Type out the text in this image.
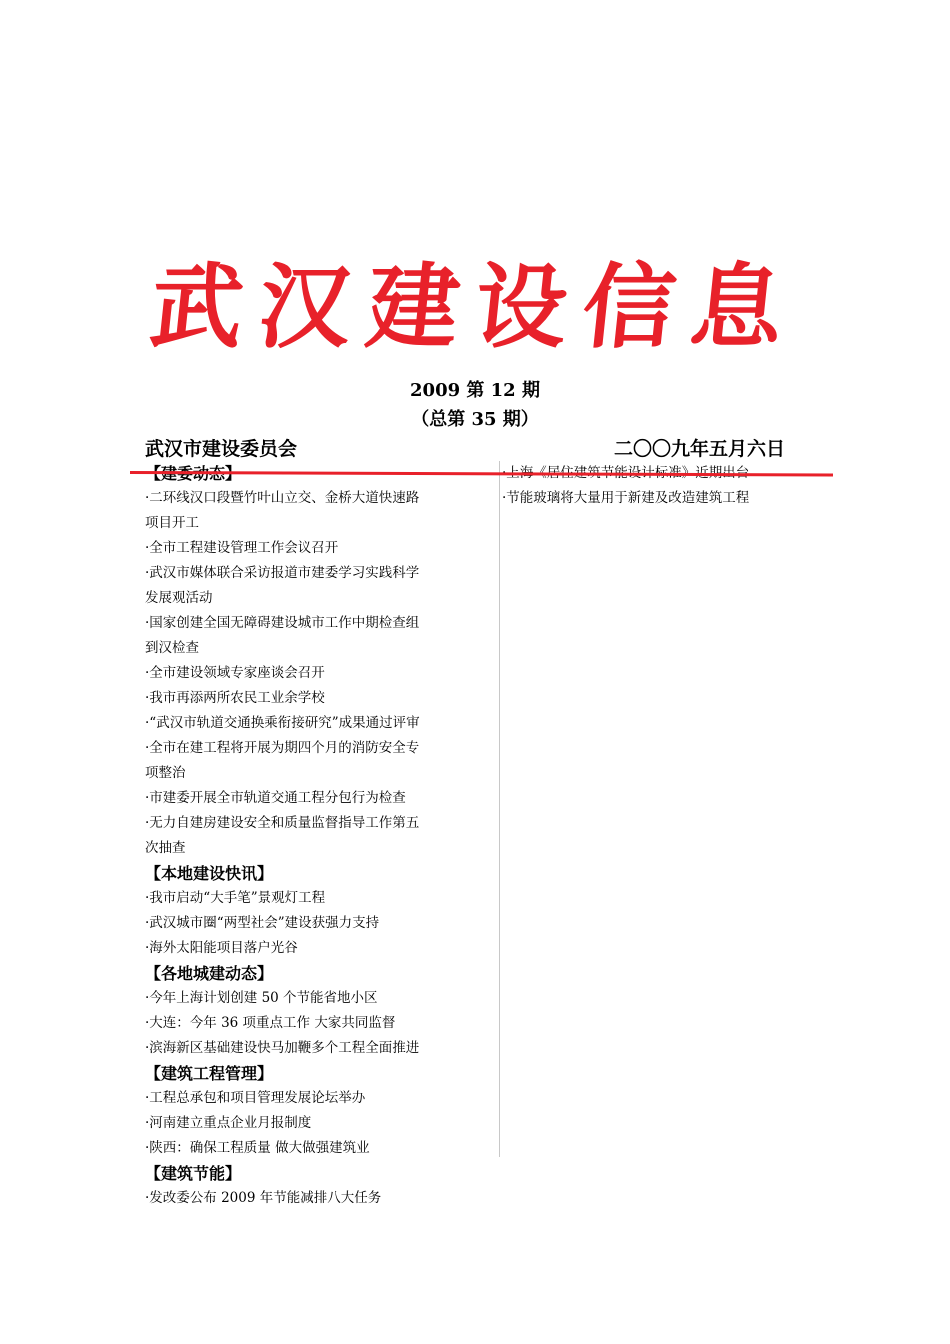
武汉建设信息
2009 第 12 期
（总第 35 期）
武汉市建设委员会	二〇〇九年五月六日
·二环线汉口段暨竹叶山立交、金桥大道快速路
项目开工
·全市工程建设管理工作会议召开
·武汉市媒体联合采访报道市建委学习实践科学
发展观活动
·国家创建全国无障碍建设城市工作中期检查组
到汉检查
·全市建设领域专家座谈会召开
·我市再添两所农民工业余学校
·“武汉市轨道交通换乘衔接研究”成果通过评审
·全市在建工程将开展为期四个月的消防安全专
项整治
·市建委开展全市轨道交通工程分包行为检查
·无力自建房建设安全和质量监督指导工作第五
次抽查
【本地建设快讯】
·我市启动“大手笔”景观灯工程
·武汉城市圈“两型社会”建设获强力支持
·海外太阳能项目落户光谷
【各地城建动态】
·今年上海计划创建 50 个节能省地小区
·大连：今年 36 项重点工作 大家共同监督
·滨海新区基础建设快马加鞭多个工程全面推进
【建筑工程管理】
·工程总承包和项目管理发展论坛举办
·河南建立重点企业月报制度
·陕西：确保工程质量 做大做强建筑业
【建筑节能】
·发改委公布 2009 年节能减排八大任务
·节能玻璃将大量用于新建及改造建筑工程
